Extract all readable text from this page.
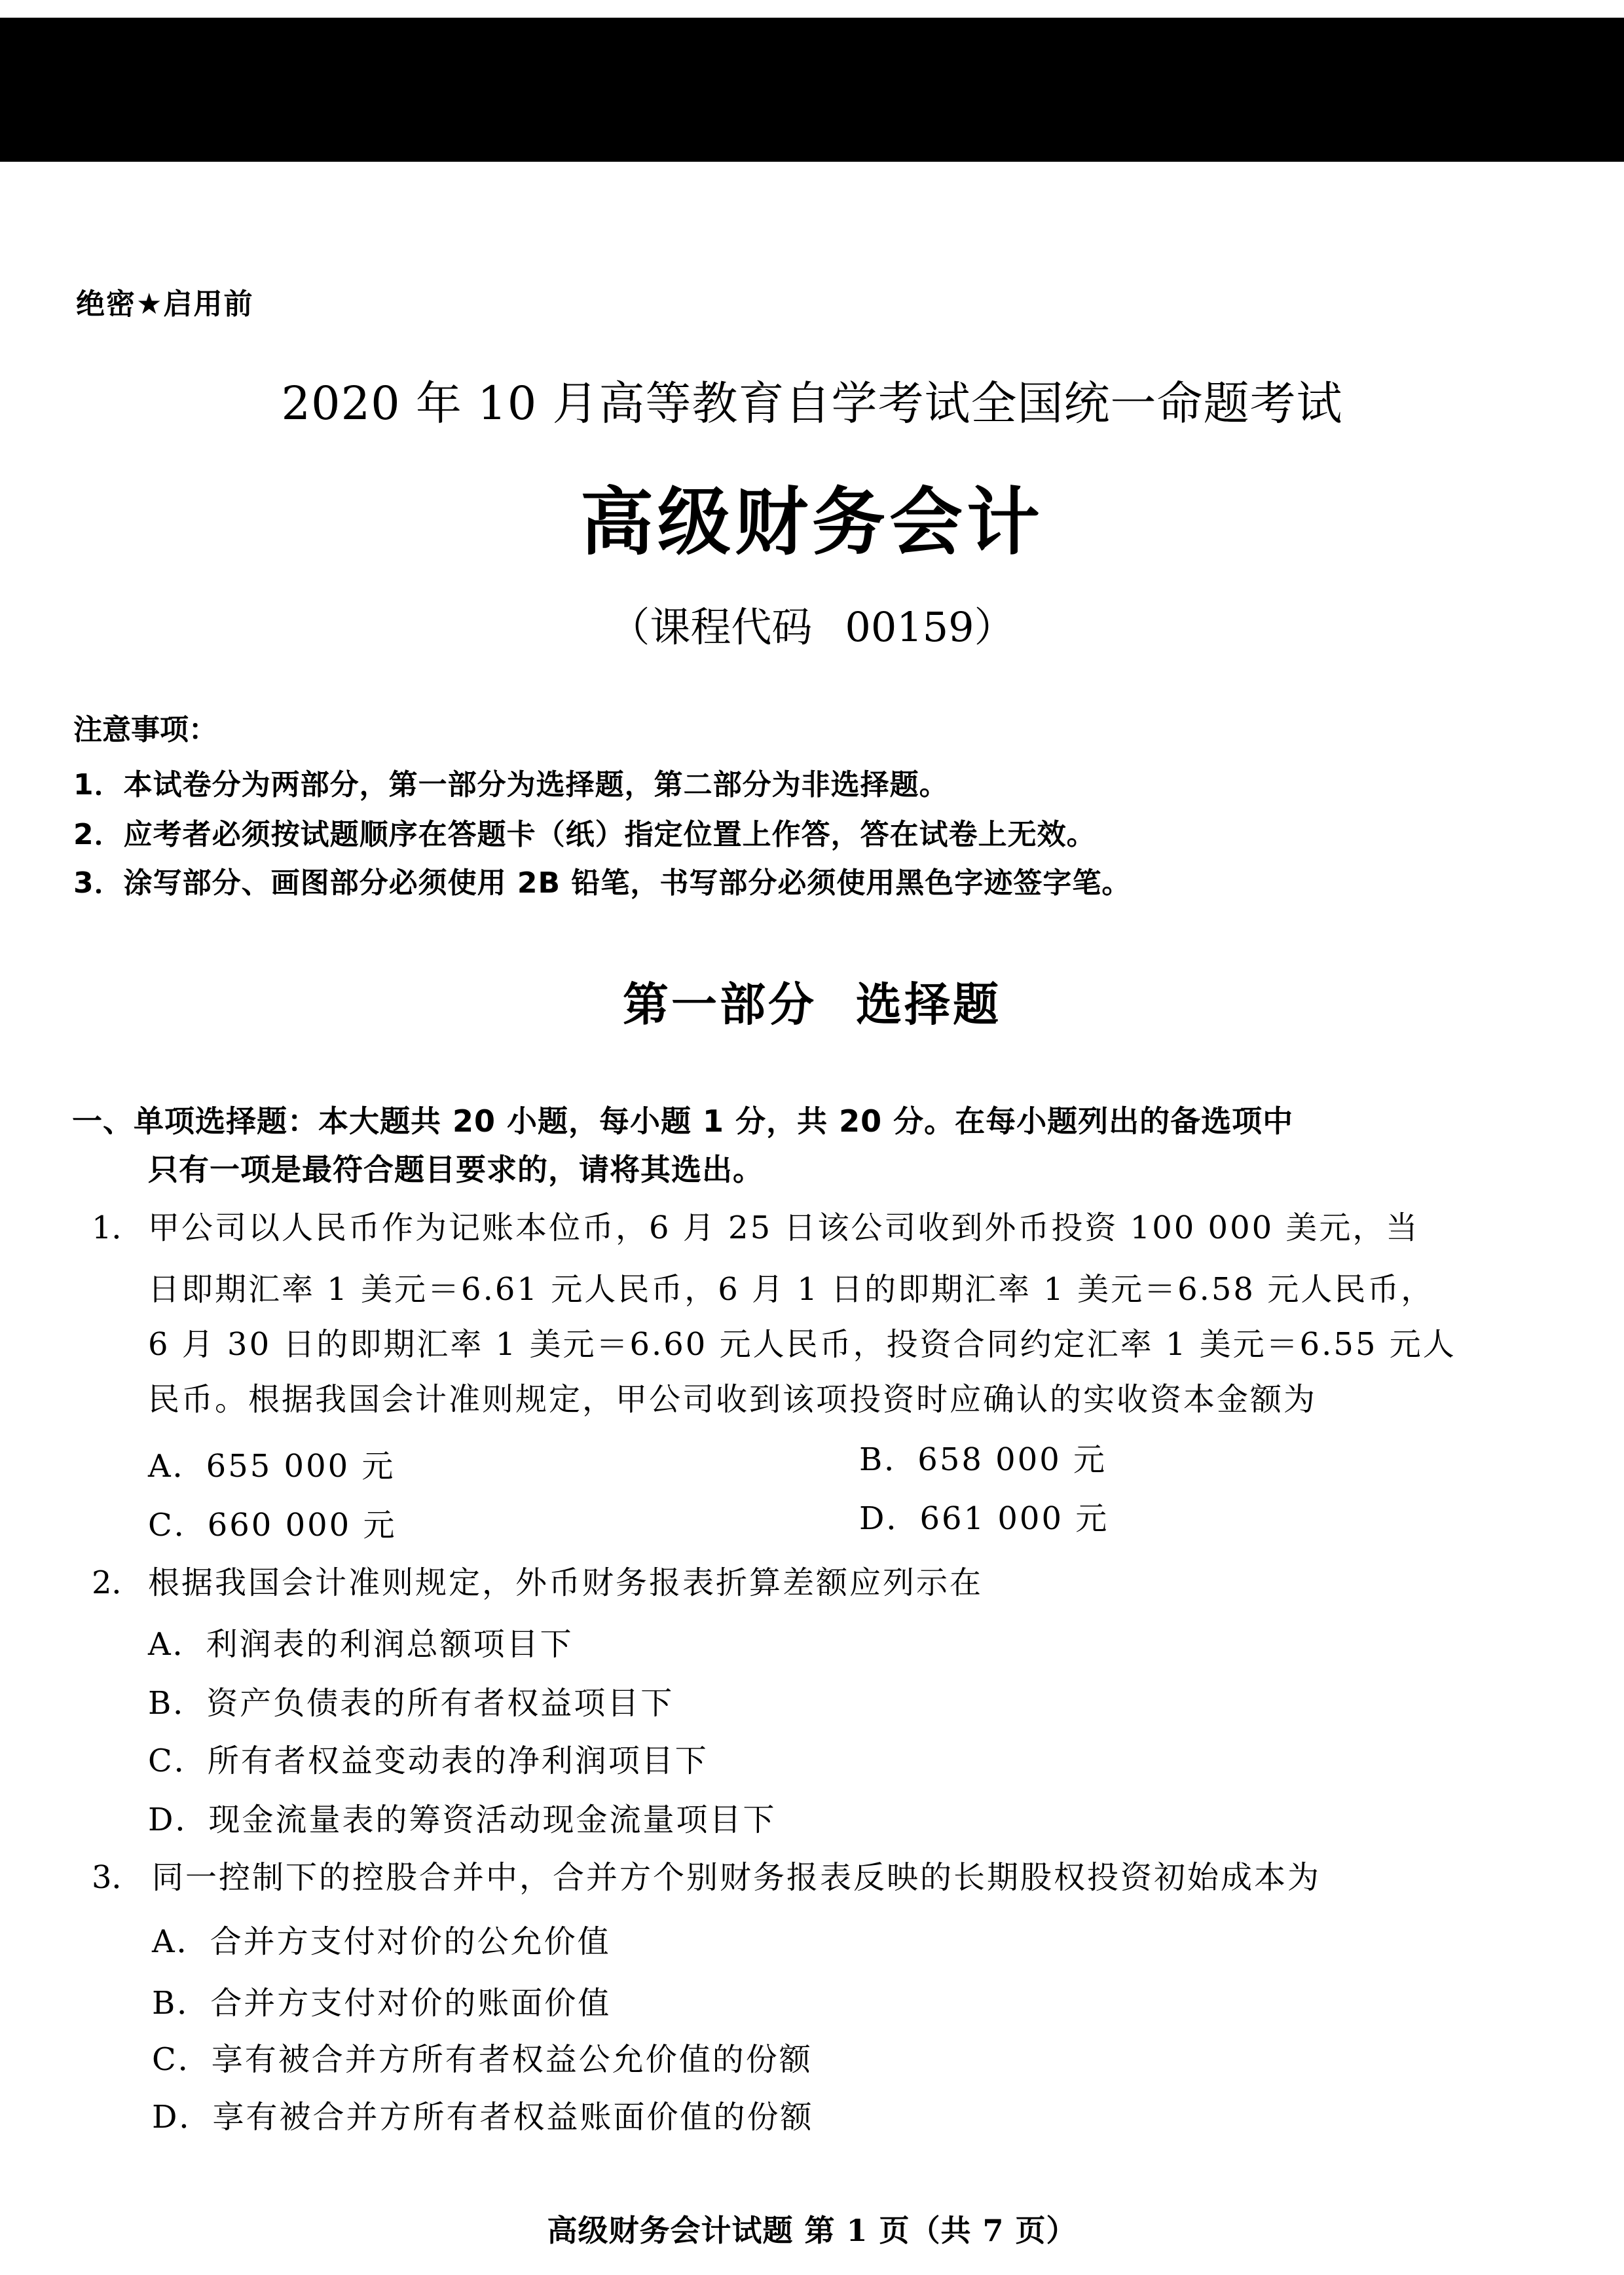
绝密★启用前
2020 年 10 月高等教育自学考试全国统一命题考试
高级财务会计
（课程代码 00159）
注意事项：
1．本试卷分为两部分，第一部分为选择题，第二部分为非选择题。
2．应考者必须按试题顺序在答题卡（纸）指定位置上作答，答在试卷上无效。
3．涂写部分、画图部分必须使用 2B 铅笔，书写部分必须使用黑色字迹签字笔。
第一部分 选择题
一、单项选择题：本大题共 20 小题，每小题 1 分，共 20 分。在每小题列出的备选项中
只有一项是最符合题目要求的，请将其选出。
1． 甲公司以人民币作为记账本位币，6 月 25 日该公司收到外币投资 100 000 美元，当
日即期汇率 1 美元＝6.61 元人民币，6 月 1 日的即期汇率 1 美元＝6.58 元人民币，
6 月 30 日的即期汇率 1 美元＝6.60 元人民币，投资合同约定汇率 1 美元＝6.55 元人
民币。根据我国会计准则规定，甲公司收到该项投资时应确认的实收资本金额为
A．655 000 元	B．658 000 元
C．660 000 元	D．661 000 元
2． 根据我国会计准则规定，外币财务报表折算差额应列示在
A．利润表的利润总额项目下
B．资产负债表的所有者权益项目下
C．所有者权益变动表的净利润项目下
D．现金流量表的筹资活动现金流量项目下
3． 同一控制下的控股合并中，合并方个别财务报表反映的长期股权投资初始成本为
A．合并方支付对价的公允价值
B．合并方支付对价的账面价值
C．享有被合并方所有者权益公允价值的份额
D．享有被合并方所有者权益账面价值的份额
高级财务会计试题 第 1 页（共 7 页）
